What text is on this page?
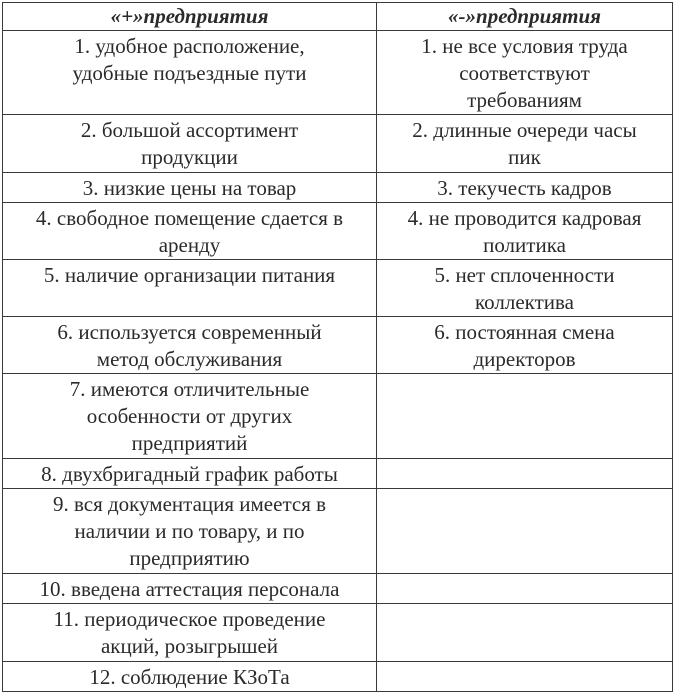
«+»предприятия	«-»предприятия

1. удобное расположение,
удобные подъездные пути	1. не все условия труда
соответствуют
требованиям

2. большой ассортимент
продукции	2. длинные очереди часы
пик

3. низкие цены на товар	3. текучесть кадров

4. свободное помещение сдается в
аренду	4. не проводится кадровая
политика

5. наличие организации питания	5. нет сплоченности
коллектива

6. используется современный
метод обслуживания	6. постоянная смена
директоров

7. имеются отличительные
особенности от других
предприятий	

8. двухбригадный график работы	

9. вся документация имеется в
наличии и по товару, и по
предприятию	

10. введена аттестация персонала	

11. периодическое проведение
акций, розыгрышей	

12. соблюдение КЗоТа	
